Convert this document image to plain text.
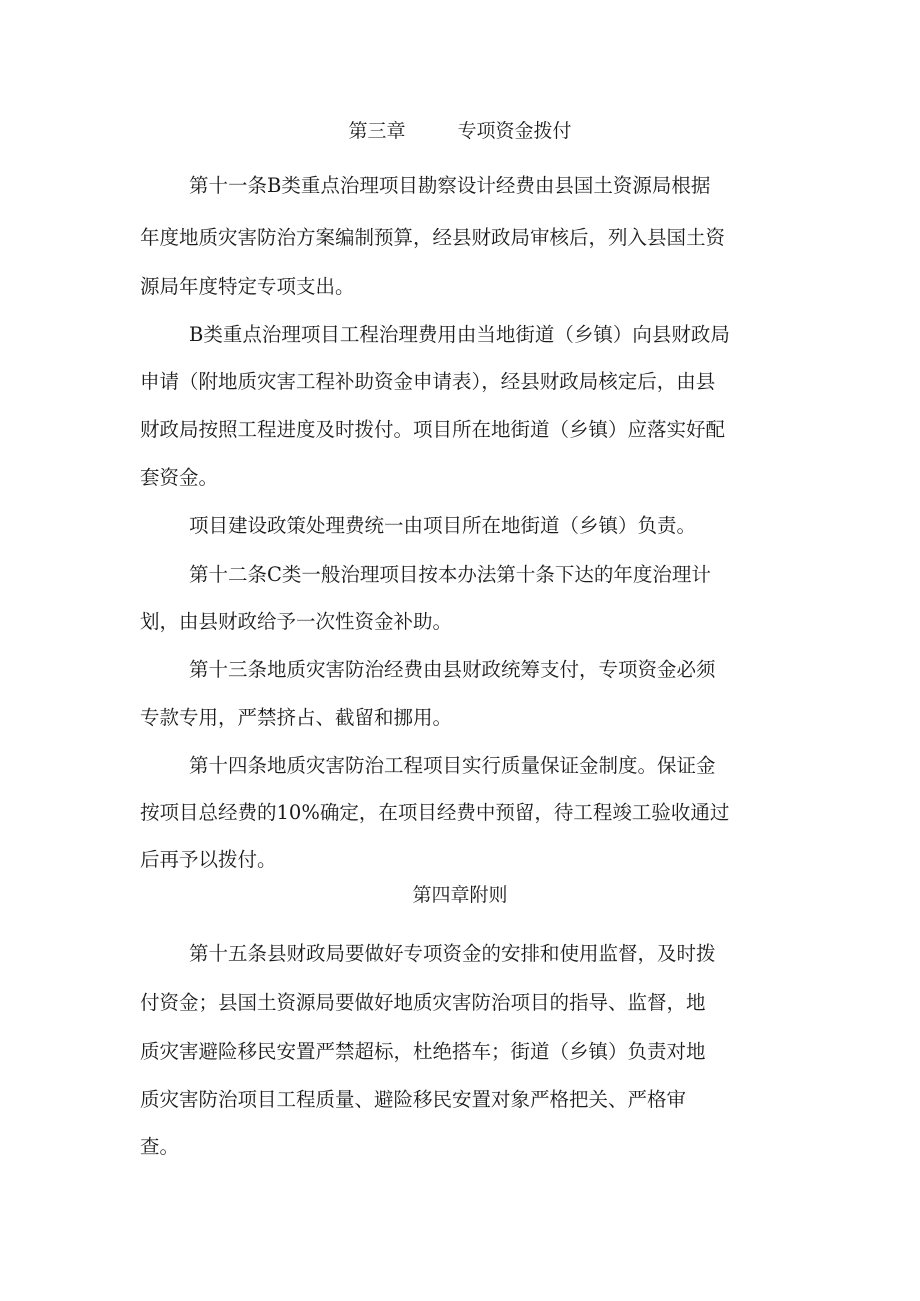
第三章	专项资金拨付

第十一条B类重点治理项目勘察设计经费由县国土资源局根据

年度地质灾害防治方案编制预算，经县财政局审核后，列入县国土资

源局年度特定专项支出。

B类重点治理项目工程治理费用由当地街道（乡镇）向县财政局

申请（附地质灾害工程补助资金申请表），经县财政局核定后，由县

财政局按照工程进度及时拨付。项目所在地街道（乡镇）应落实好配

套资金。

项目建设政策处理费统一由项目所在地街道（乡镇）负责。

第十二条C类一般治理项目按本办法第十条下达的年度治理计

划，由县财政给予一次性资金补助。

第十三条地质灾害防治经费由县财政统筹支付，专项资金必须

专款专用，严禁挤占、截留和挪用。

第十四条地质灾害防治工程项目实行质量保证金制度。保证金

按项目总经费的10%确定，在项目经费中预留，待工程竣工验收通过

后再予以拨付。

第四章附则

第十五条县财政局要做好专项资金的安排和使用监督，及时拨

付资金；县国土资源局要做好地质灾害防治项目的指导、监督，地

质灾害避险移民安置严禁超标，杜绝搭车；街道（乡镇）负责对地

质灾害防治项目工程质量、避险移民安置对象严格把关、严格审

查。
